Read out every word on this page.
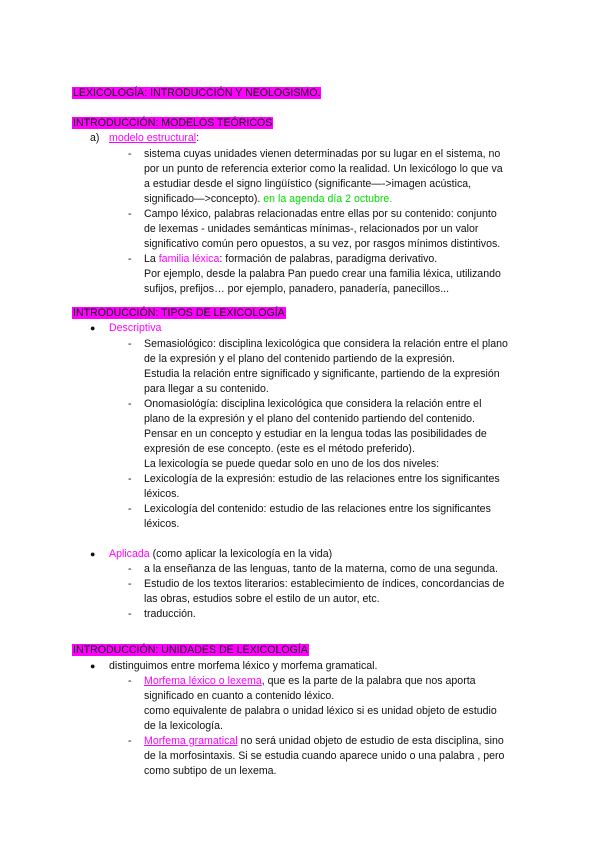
LEXICOLOGÍA: INTRODUCCIÓN Y NEOLOGISMO.
INTRODUCCIÓN: MODELOS TEÓRICOS
a) modelo estructural:
- sistema cuyas unidades vienen determinadas por su lugar en el sistema, no
por un punto de referencia exterior como la realidad. Un lexicólogo lo que va
a estudiar desde el signo lingüístico (significante—->imagen acústica,
significado—>concepto). en la agenda día 2 octubre.
- Campo léxico, palabras relacionadas entre ellas por su contenido: conjunto
de lexemas - unidades semánticas mínimas-, relacionados por un valor
significativo común pero opuestos, a su vez, por rasgos mínimos distintivos.
- La familia léxica: formación de palabras, paradigma derivativo.
Por ejemplo, desde la palabra Pan puedo crear una familia léxica, utilizando
sufijos, prefijos… por ejemplo, panadero, panadería, panecillos...
INTRODUCCIÓN: TIPOS DE LEXICOLOGÍA
● Descriptiva
- Semasiológico: disciplina lexicológica que considera la relación entre el plano
de la expresión y el plano del contenido partiendo de la expresión.
Estudia la relación entre significado y significante, partiendo de la expresión
para llegar a su contenido.
- Onomasiológía: disciplina lexicológica que considera la relación entre el
plano de la expresión y el plano del contenido partiendo del contenido.
Pensar en un concepto y estudiar en la lengua todas las posibilidades de
expresión de ese concepto. (este es el método preferido).
La lexicología se puede quedar solo en uno de los dos niveles:
- Lexicología de la expresión: estudio de las relaciones entre los significantes
léxicos.
- Lexicología del contenido: estudio de las relaciones entre los significantes
léxicos.
● Aplicada (como aplicar la lexicología en la vida)
- a la enseñanza de las lenguas, tanto de la materna, como de una segunda.
- Estudio de los textos literarios: establecimiento de índices, concordancias de
las obras, estudios sobre el estilo de un autor, etc.
- traducción.
INTRODUCCIÓN: UNIDADES DE LEXICOLOGÍA
● distinguimos entre morfema léxico y morfema gramatical.
- Morfema léxico o lexema, que es la parte de la palabra que nos aporta
significado en cuanto a contenido léxico.
como equivalente de palabra o unidad léxico si es unidad objeto de estudio
de la lexicología.
- Morfema gramatical no será unidad objeto de estudio de esta disciplina, sino
de la morfosintaxis. Si se estudia cuando aparece unido o una palabra , pero
como subtipo de un lexema.
